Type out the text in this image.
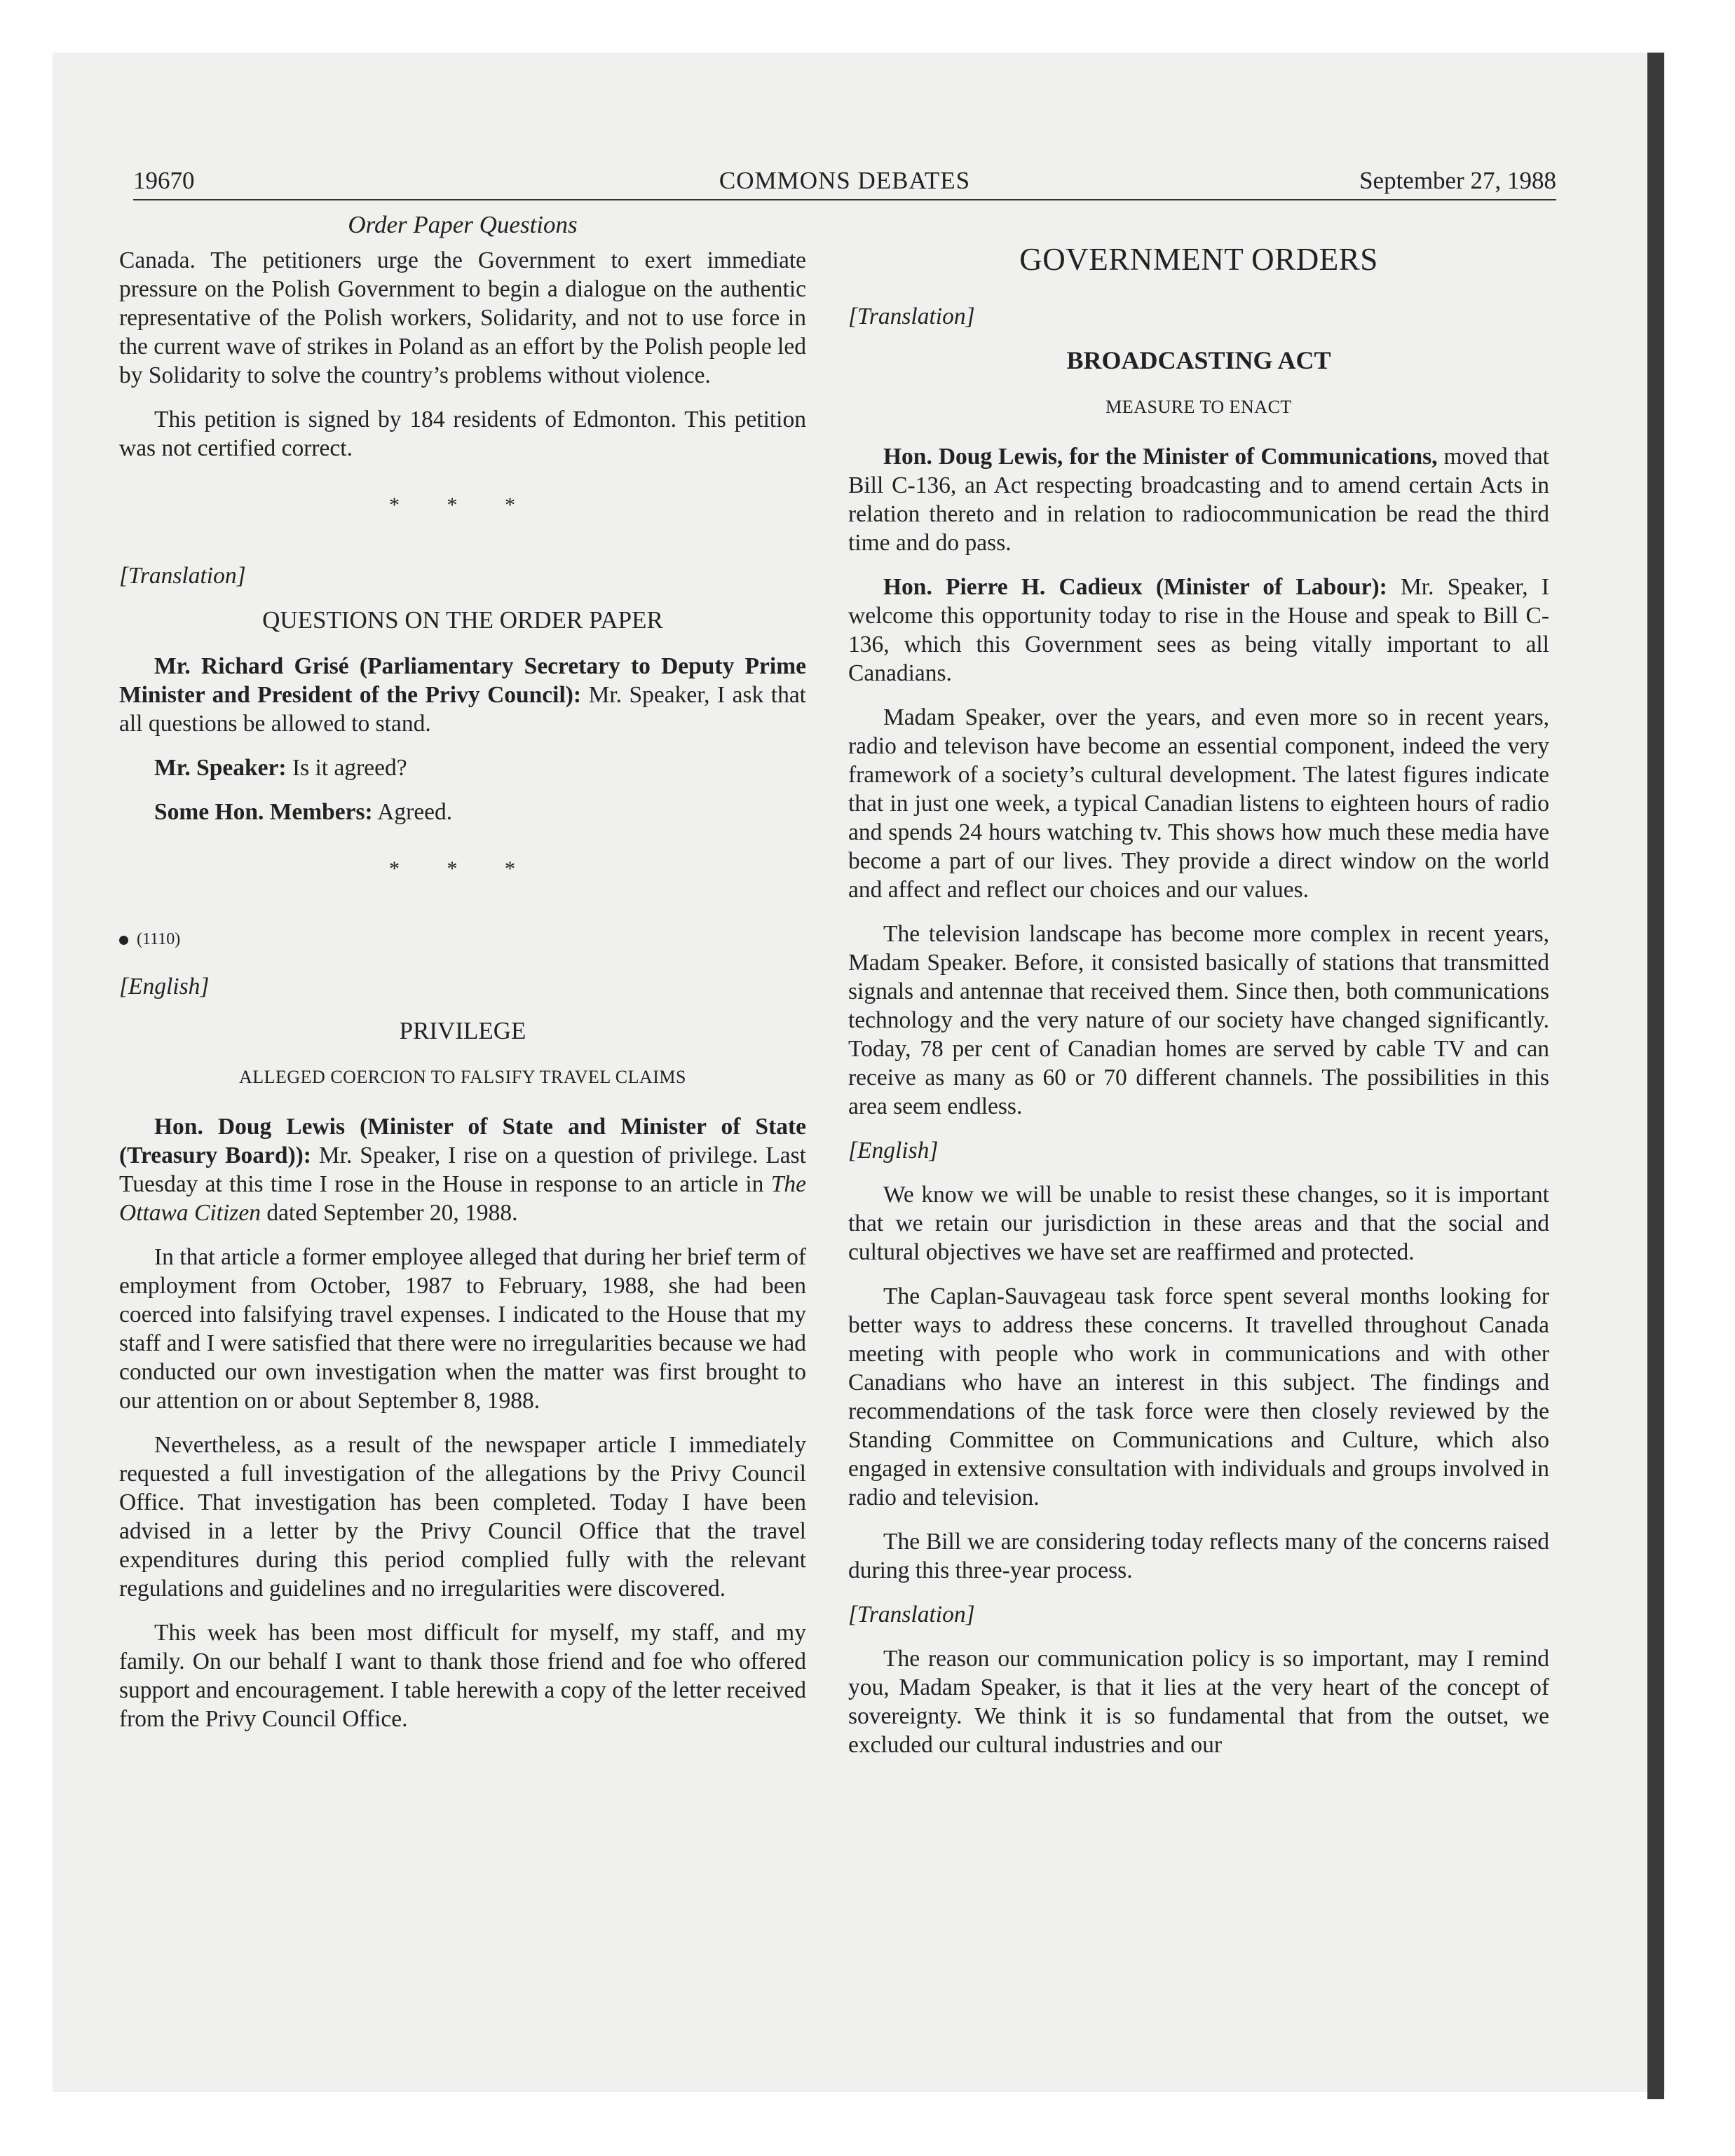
19670	COMMONS DEBATES	September 27, 1988
Order Paper Questions

Canada. The petitioners urge the Government to exert immediate pressure on the Polish Government to begin a dialogue on the authentic representative of the Polish workers, Solidarity, and not to use force in the current wave of strikes in Poland as an effort by the Polish people led by Solidarity to solve the country’s problems without violence.

This petition is signed by 184 residents of Edmonton. This petition was not certified correct.

* * *
[Translation]
QUESTIONS ON THE ORDER PAPER

Mr. Richard Grisé (Parliamentary Secretary to Deputy Prime Minister and President of the Privy Council): Mr. Speaker, I ask that all questions be allowed to stand.

Mr. Speaker: Is it agreed?

Some Hon. Members: Agreed.

* * *
(1110)
[English]
PRIVILEGE
ALLEGED COERCION TO FALSIFY TRAVEL CLAIMS

Hon. Doug Lewis (Minister of State and Minister of State (Treasury Board)): Mr. Speaker, I rise on a question of privilege. Last Tuesday at this time I rose in the House in response to an article in The Ottawa Citizen dated September 20, 1988.

In that article a former employee alleged that during her brief term of employment from October, 1987 to February, 1988, she had been coerced into falsifying travel expenses. I indicated to the House that my staff and I were satisfied that there were no irregularities because we had conducted our own investigation when the matter was first brought to our attention on or about September 8, 1988.

Nevertheless, as a result of the newspaper article I immediately requested a full investigation of the allegations by the Privy Council Office. That investigation has been completed. Today I have been advised in a letter by the Privy Council Office that the travel expenditures during this period complied fully with the relevant regulations and guidelines and no irregularities were discovered.

This week has been most difficult for myself, my staff, and my family. On our behalf I want to thank those friend and foe who offered support and encouragement. I table herewith a copy of the letter received from the Privy Council Office.

GOVERNMENT ORDERS
[Translation]
BROADCASTING ACT
MEASURE TO ENACT

Hon. Doug Lewis, for the Minister of Communications, moved that Bill C-136, an Act respecting broadcasting and to amend certain Acts in relation thereto and in relation to radiocommunication be read the third time and do pass.

Hon. Pierre H. Cadieux (Minister of Labour): Mr. Speaker, I welcome this opportunity today to rise in the House and speak to Bill C-136, which this Government sees as being vitally important to all Canadians.

Madam Speaker, over the years, and even more so in recent years, radio and televison have become an essential component, indeed the very framework of a society’s cultural development. The latest figures indicate that in just one week, a typical Canadian listens to eighteen hours of radio and spends 24 hours watching tv. This shows how much these media have become a part of our lives. They provide a direct window on the world and affect and reflect our choices and our values.

The television landscape has become more complex in recent years, Madam Speaker. Before, it consisted basically of stations that transmitted signals and antennae that received them. Since then, both communications technology and the very nature of our society have changed significantly. Today, 78 per cent of Canadian homes are served by cable TV and can receive as many as 60 or 70 different channels. The possibilities in this area seem endless.

[English]

We know we will be unable to resist these changes, so it is important that we retain our jurisdiction in these areas and that the social and cultural objectives we have set are reaffirmed and protected.

The Caplan-Sauvageau task force spent several months looking for better ways to address these concerns. It travelled throughout Canada meeting with people who work in communications and with other Canadians who have an interest in this subject. The findings and recommendations of the task force were then closely reviewed by the Standing Committee on Communications and Culture, which also engaged in extensive consultation with individuals and groups involved in radio and television.

The Bill we are considering today reflects many of the concerns raised during this three-year process.

[Translation]

The reason our communication policy is so important, may I remind you, Madam Speaker, is that it lies at the very heart of the concept of sovereignty. We think it is so fundamental that from the outset, we excluded our cultural industries and our
